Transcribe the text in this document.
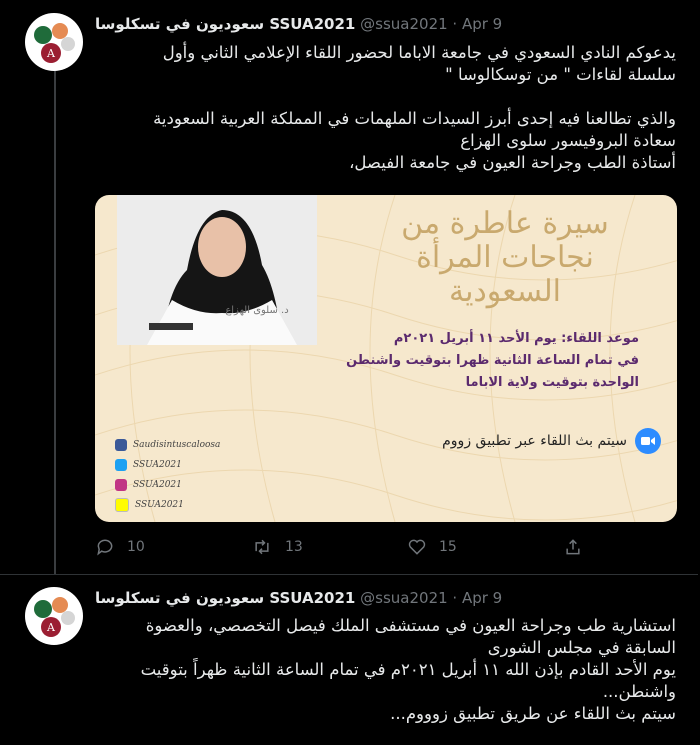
A
سعوديون في تسكلوسا SSUA2021 @ssua2021 · Apr 9
يدعوكم النادي السعودي في جامعة الاباما لحضور اللقاء الإعلامي الثاني وأول
سلسلة لقاءات " من توسكالوسا "

والذي تطالعنا فيه إحدى أبرز السيدات الملهمات في المملكة العربية السعودية
سعادة البروفيسور سلوى الهزاع
أستاذة الطب وجراحة العيون في جامعة الفيصل،
د. سلوى الهزاع
سيرة عاطرة من نجاحات المرأة السعودية
موعد اللقاء: يوم الأحد ١١ أبريل ٢٠٢١م
في تمام الساعة الثانية ظهرا بتوقيت واشنطن
الواحدة بتوقيت ولاية الاباما
سيتم بث اللقاء عبر تطبيق زووم
Saudisintuscaloosa
SSUA2021
SSUA2021
SSUA2021
10	13	15
A
سعوديون في تسكلوسا SSUA2021 @ssua2021 · Apr 9
استشارية طب وجراحة العيون في مستشفى الملك فيصل التخصصي، والعضوة
السابقة في مجلس الشورى
يوم الأحد القادم بإذن الله ١١ أبريل ٢٠٢١م في تمام الساعة الثانية ظهراً بتوقيت
واشنطن...
سيتم بث اللقاء عن طريق تطبيق زوووم...
